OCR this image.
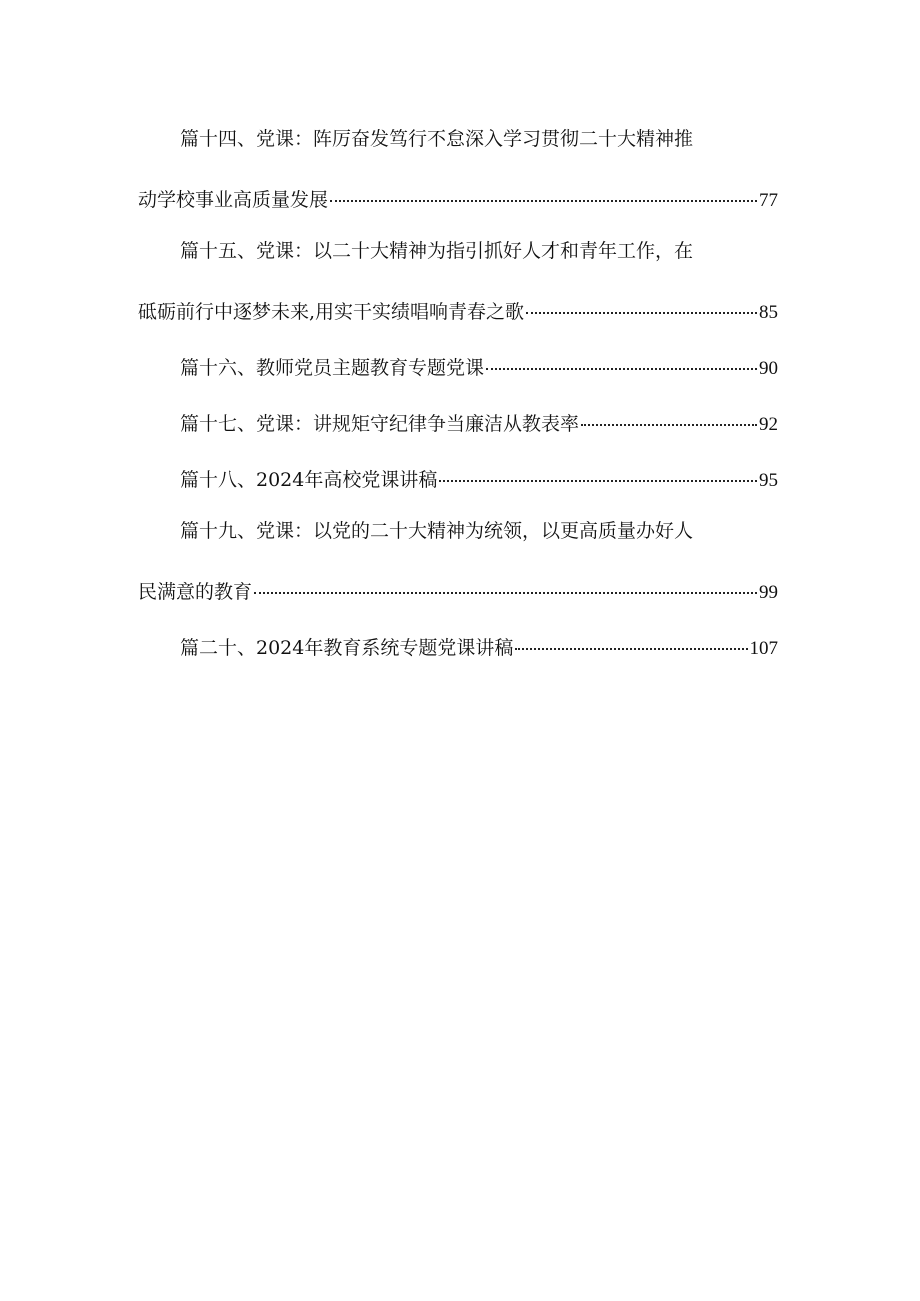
篇十四、党课：阵厉奋发笃行不怠深入学习贯彻二十大精神推
动学校事业高质量发展	77
篇十五、党课：以二十大精神为指引抓好人才和青年工作，在
砥砺前行中逐梦未来,用实干实绩唱响青春之歌	85
篇十六、教师党员主题教育专题党课	90
篇十七、党课：讲规矩守纪律争当廉洁从教表率	92
篇十八、2024年高校党课讲稿	95
篇十九、党课：以党的二十大精神为统领，以更高质量办好人
民满意的教育	99
篇二十、2024年教育系统专题党课讲稿	107
